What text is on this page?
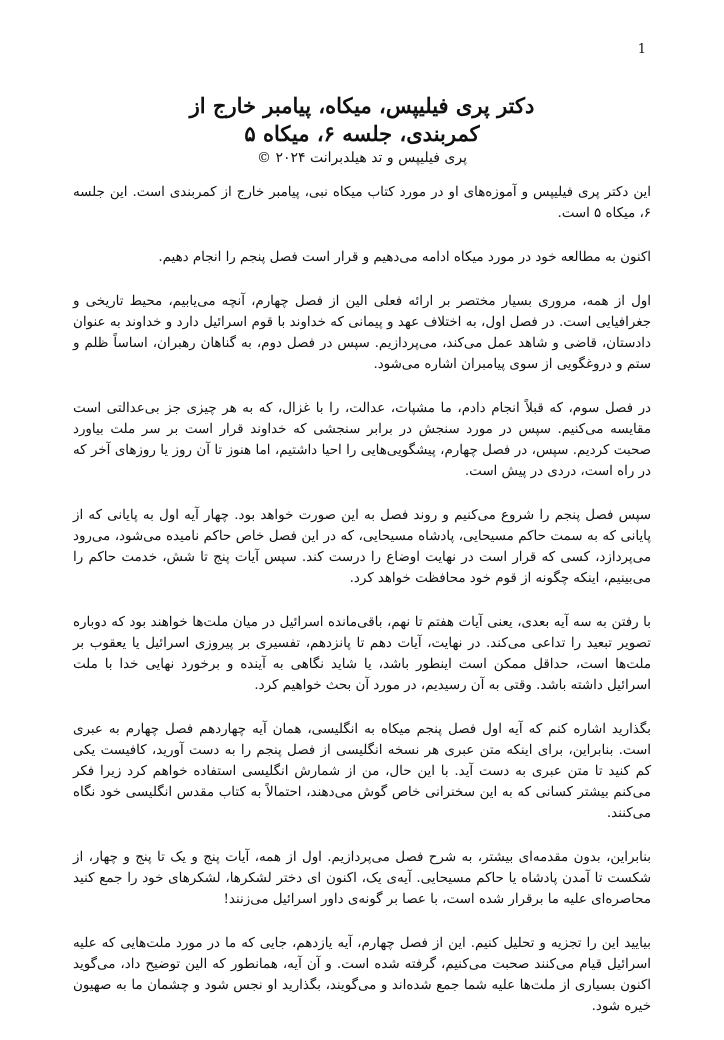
1
دکتر پری فیلیپس، میکاه، پیامبر خارج از
کمربندی، جلسه ۶، میکاه ۵
پری فیلیپس و تد هیلدبرانت ۲۰۲۴ ©

این دکتر پری فیلیپس و آموزه‌های او در مورد کتاب میکاه نبی، پیامبر خارج از کمربندی است. این جلسه ۶، میکاه ۵ است.

اکنون به مطالعه خود در مورد میکاه ادامه می‌دهیم و قرار است فصل پنجم را انجام دهیم.

اول از همه، مروری بسیار مختصر بر ارائه فعلی الین از فصل چهارم، آنچه می‌یابیم، محیط تاریخی و جغرافیایی است. در فصل اول، به اختلاف عهد و پیمانی که خداوند با قوم اسرائیل دارد و خداوند به عنوان دادستان، قاضی و شاهد عمل می‌کند، می‌پردازیم. سپس در فصل دوم، به گناهان رهبران، اساساً ظلم و ستم و دروغگویی از سوی پیامبران اشاره می‌شود.

در فصل سوم، که قبلاً انجام دادم، ما مشپات، عدالت، را با غزال، که به هر چیزی جز بی‌عدالتی است مقایسه می‌کنیم. سپس در مورد سنجش در برابر سنجشی که خداوند قرار است بر سر ملت بیاورد صحبت کردیم. سپس، در فصل چهارم، پیشگویی‌هایی را احیا داشتیم، اما هنوز تا آن روز یا روزهای آخر که در راه است، دردی در پیش است.

سپس فصل پنجم را شروع می‌کنیم و روند فصل به این صورت خواهد بود. چهار آیه اول به پایانی که از پایانی که به سمت حاکم مسیحایی، پادشاه مسیحایی، که در این فصل خاص حاکم نامیده می‌شود، می‌رود می‌پردازد، کسی که قرار است در نهایت اوضاع را درست کند. سپس آیات پنج تا شش، خدمت حاکم را می‌بینیم، اینکه چگونه از قوم خود محافظت خواهد کرد.

با رفتن به سه آیه بعدی، یعنی آیات هفتم تا نهم، باقی‌مانده اسرائیل در میان ملت‌ها خواهند بود که دوباره تصویر تبعید را تداعی می‌کند. در نهایت، آیات دهم تا پانزدهم، تفسیری بر پیروزی اسرائیل یا یعقوب بر ملت‌ها است، حداقل ممکن است اینطور باشد، یا شاید نگاهی به آینده و برخورد نهایی خدا با ملت اسرائیل داشته باشد. وقتی به آن رسیدیم، در مورد آن بحث خواهیم کرد.

بگذارید اشاره کنم که آیه اول فصل پنجم میکاه به انگلیسی، همان آیه چهاردهم فصل چهارم به عبری است. بنابراین، برای اینکه متن عبری هر نسخه انگلیسی از فصل پنجم را به دست آورید، کافیست یکی کم کنید تا متن عبری به دست آید. با این حال، من از شمارش انگلیسی استفاده خواهم کرد زیرا فکر می‌کنم بیشتر کسانی که به این سخنرانی خاص گوش می‌دهند، احتمالاً به کتاب مقدس انگلیسی خود نگاه می‌کنند.

بنابراین، بدون مقدمه‌ای بیشتر، به شرح فصل می‌پردازیم. اول از همه، آیات پنج و یک تا پنج و چهار، از شکست تا آمدن پادشاه یا حاکم مسیحایی. آیه‌ی یک، اکنون ای دختر لشکرها، لشکرهای خود را جمع کنید محاصره‌ای علیه ما برقرار شده است، با عصا بر گونه‌ی داور اسرائیل می‌زنند!

بیایید این را تجزیه و تحلیل کنیم. این از فصل چهارم، آیه یازدهم، جایی که ما در مورد ملت‌هایی که علیه اسرائیل قیام می‌کنند صحبت می‌کنیم، گرفته شده است. و آن آیه، همانطور که الین توضیح داد، می‌گوید اکنون بسیاری از ملت‌ها علیه شما جمع شده‌اند و می‌گویند، بگذارید او نجس شود و چشمان ما به صهیون خیره شود.
